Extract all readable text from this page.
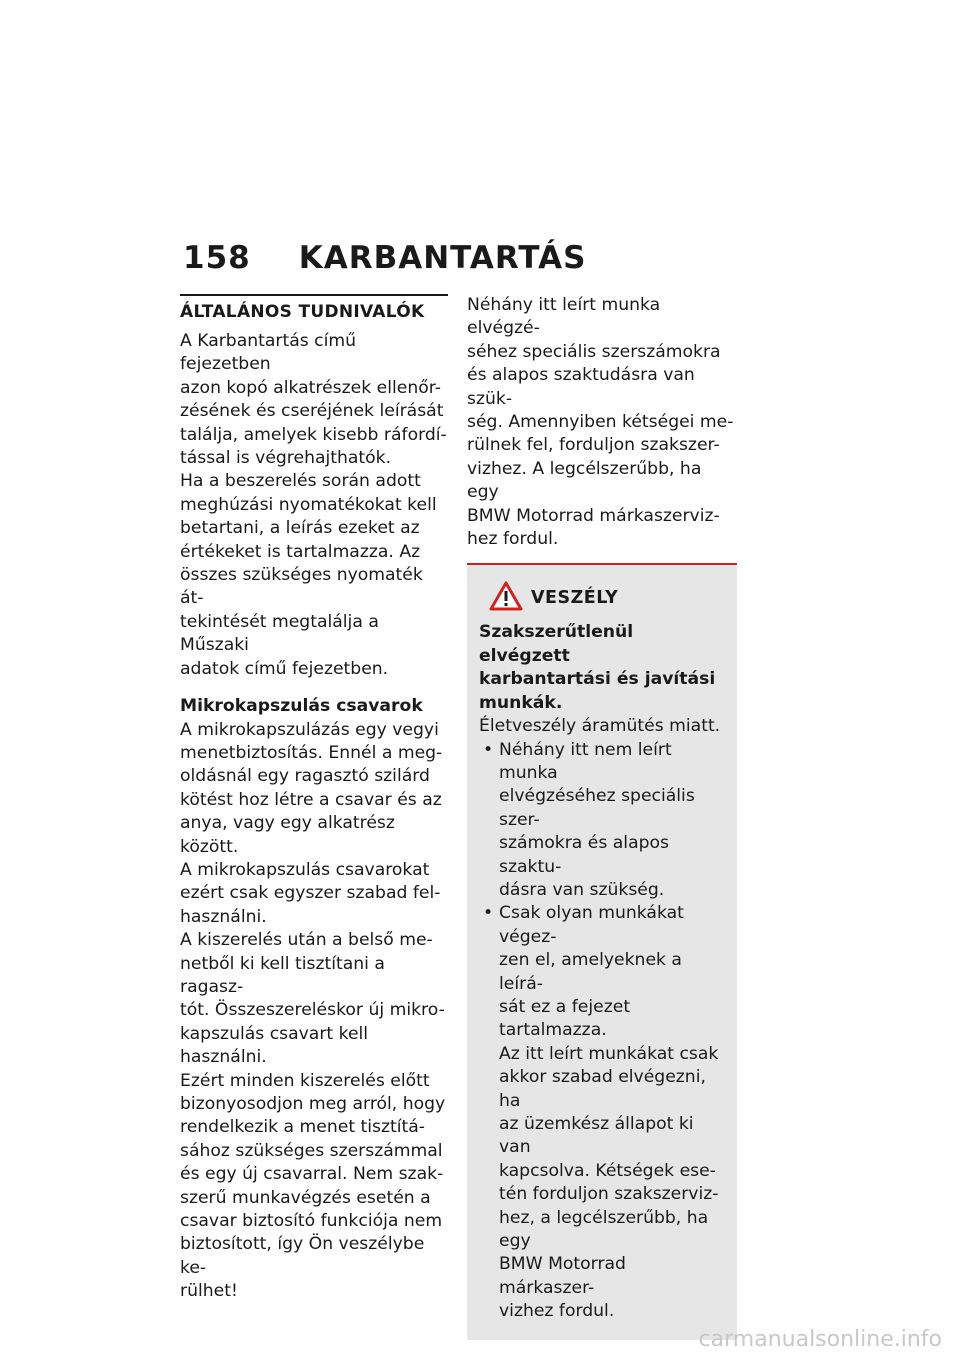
158 KARBANTARTÁS
ÁLTALÁNOS TUDNIVALÓK

A Karbantartás című fejezetben
azon kopó alkatrészek ellenőr-
zésének és cseréjének leírását
találja, amelyek kisebb ráfordí-
tással is végrehajthatók.

Ha a beszerelés során adott
meghúzási nyomatékokat kell
betartani, a leírás ezeket az
értékeket is tartalmazza. Az
összes szükséges nyomaték át-
tekintését megtalálja a Műszaki
adatok című fejezetben.

Mikrokapszulás csavarok

A mikrokapszulázás egy vegyi
menetbiztosítás. Ennél a meg-
oldásnál egy ragasztó szilárd
kötést hoz létre a csavar és az
anya, vagy egy alkatrész között.
A mikrokapszulás csavarokat
ezért csak egyszer szabad fel-
használni.

A kiszerelés után a belső me-
netből ki kell tisztítani a ragasz-
tót. Összeszereléskor új mikro-
kapszulás csavart kell használni.
Ezért minden kiszerelés előtt
bizonyosodjon meg arról, hogy
rendelkezik a menet tisztítá-
sához szükséges szerszámmal
és egy új csavarral. Nem szak-
szerű munkavégzés esetén a
csavar biztosító funkciója nem
biztosított, így Ön veszélybe ke-
rülhet!

Néhány itt leírt munka elvégzé-
séhez speciális szerszámokra
és alapos szaktudásra van szük-
ség. Amennyiben kétségei me-
rülnek fel, forduljon szakszer-
vizhez. A legcélszerűbb, ha egy
BMW Motorrad márkaszerviz-
hez fordul.

VESZÉLY
Szakszerűtlenül elvégzett
karbantartási és javítási
munkák.

Életveszély áramütés miatt.

• Néhány itt nem leírt munka
elvégzéséhez speciális szer-
számokra és alapos szaktu-
dásra van szükség.
• Csak olyan munkákat végez-
zen el, amelyeknek a leírá-
sát ez a fejezet tartalmazza.
Az itt leírt munkákat csak
akkor szabad elvégezni, ha
az üzemkész állapot ki van
kapcsolva. Kétségek ese-
tén forduljon szakszerviz-
hez, a legcélszerűbb, ha egy
BMW Motorrad márkaszer-
vizhez fordul.
carmanualsonline.info
